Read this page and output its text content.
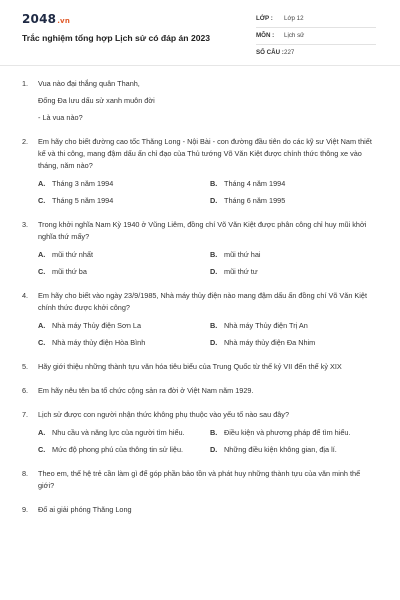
2048.vn
Trắc nghiệm tổng hợp Lịch sử có đáp án 2023
LỚP : Lớp 12
MÔN : Lịch sử
SỐ CÂU : 227
1. Vua nào đại thắng quân Thanh,
Đống Đa lưu dấu sử xanh muôn đời
- Là vua nào?
2. Em hãy cho biết đường cao tốc Thăng Long - Nội Bài - con đường đầu tiên do các kỹ sư Việt Nam thiết kế và thi công, mang đậm dấu ấn chỉ đạo của Thủ tướng Võ Văn Kiệt được chính thức thông xe vào tháng, năm nào?
A. Tháng 3 năm 1994	B. Tháng 4 năm 1994
C. Tháng 5 năm 1994	D. Tháng 6 năm 1995
3. Trong khởi nghĩa Nam Kỳ 1940 ở Vũng Liêm, đồng chí Võ Văn Kiệt được phân công chỉ huy mũi khởi nghĩa thứ mấy?
A. mũi thứ nhất	B. mũi thứ hai
C. mũi thứ ba	D. mũi thứ tư
4. Em hãy cho biết vào ngày 23/9/1985, Nhà máy thủy điện nào mang đậm dấu ấn đồng chí Võ Văn Kiệt chính thức được khởi công?
A. Nhà máy Thủy điện Sơn La	B. Nhà máy Thủy điện Trị An
C. Nhà máy thủy điện Hòa Bình	D. Nhà máy thủy điện Đa Nhim
5. Hãy giới thiệu những thành tựu văn hóa tiêu biểu của Trung Quốc từ thế kỷ VII đến thế kỷ XIX
6. Em hãy nêu tên ba tổ chức cộng sản ra đời ở Việt Nam năm 1929.
7. Lịch sử được con người nhận thức không phụ thuộc vào yếu tố nào sau đây?
A. Nhu cầu và năng lực của người tìm hiểu.	B. Điều kiện và phương pháp để tìm hiểu.
C. Mức độ phong phú của thông tin sử liệu.	D. Những điều kiện không gian, địa lí.
8. Theo em, thế hệ trẻ cần làm gì để góp phần bảo tồn và phát huy những thành tựu của văn minh thế giới?
9. Đố ai giải phóng Thăng Long
